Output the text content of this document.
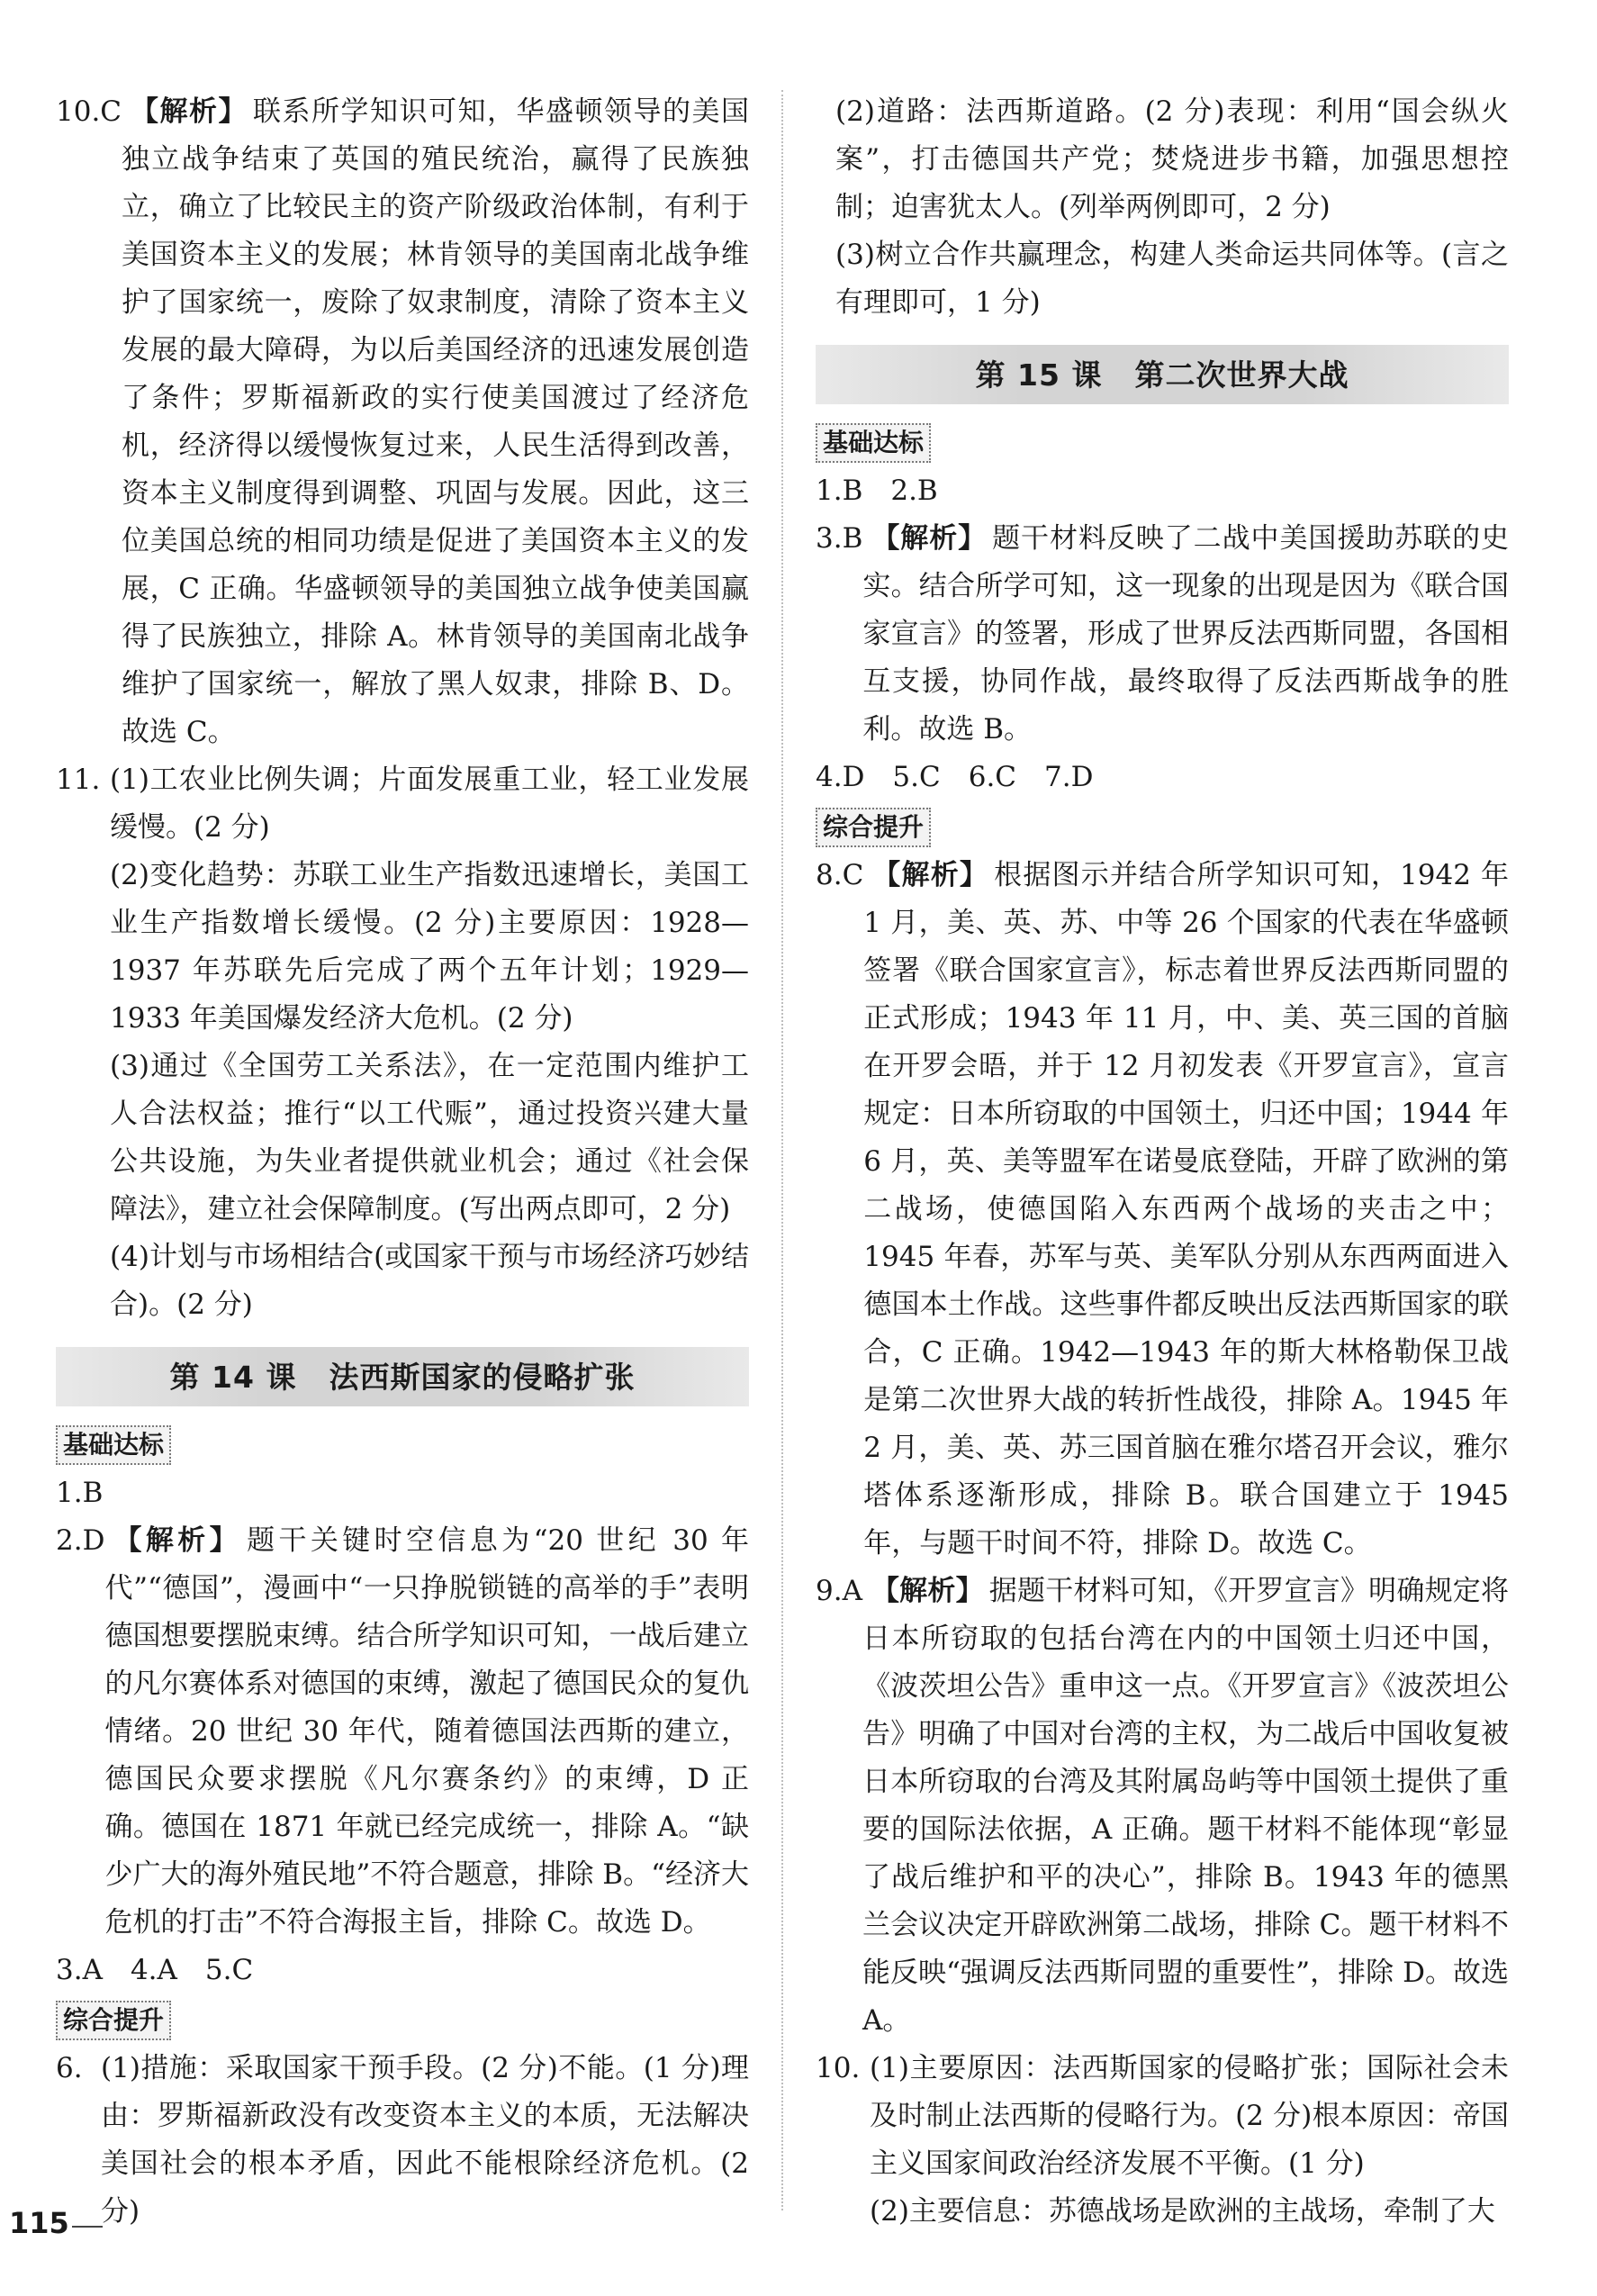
10.C 【解析】 联系所学知识可知，华盛顿领导的美国独立战争结束了英国的殖民统治，赢得了民族独立，确立了比较民主的资产阶级政治体制，有利于美国资本主义的发展；林肯领导的美国南北战争维护了国家统一，废除了奴隶制度，清除了资本主义发展的最大障碍，为以后美国经济的迅速发展创造了条件；罗斯福新政的实行使美国渡过了经济危机，经济得以缓慢恢复过来，人民生活得到改善，资本主义制度得到调整、巩固与发展。因此，这三位美国总统的相同功绩是促进了美国资本主义的发展，C 正确。华盛顿领导的美国独立战争使美国赢得了民族独立，排除 A。林肯领导的美国南北战争维护了国家统一，解放了黑人奴隶，排除 B、D。故选 C。
11. (1)工农业比例失调；片面发展重工业，轻工业发展缓慢。(2 分)
(2)变化趋势：苏联工业生产指数迅速增长，美国工业生产指数增长缓慢。(2 分)主要原因：1928—1937 年苏联先后完成了两个五年计划；1929—1933 年美国爆发经济大危机。(2 分)
(3)通过《全国劳工关系法》，在一定范围内维护工人合法权益；推行“以工代赈”，通过投资兴建大量公共设施，为失业者提供就业机会；通过《社会保障法》，建立社会保障制度。(写出两点即可，2 分)
(4)计划与市场相结合(或国家干预与市场经济巧妙结合)。(2 分)
第 14 课 法西斯国家的侵略扩张
基础达标
1.B
2.D 【解析】 题干关键时空信息为“20 世纪 30 年代”“德国”，漫画中“一只挣脱锁链的高举的手”表明德国想要摆脱束缚。结合所学知识可知，一战后建立的凡尔赛体系对德国的束缚，激起了德国民众的复仇情绪。20 世纪 30 年代，随着德国法西斯的建立，德国民众要求摆脱《凡尔赛条约》的束缚，D 正确。德国在 1871 年就已经完成统一，排除 A。“缺少广大的海外殖民地”不符合题意，排除 B。“经济大危机的打击”不符合海报主旨，排除 C。故选 D。
3.A　4.A　5.C
综合提升
6. (1)措施：采取国家干预手段。(2 分)不能。(1 分)理由：罗斯福新政没有改变资本主义的本质，无法解决美国社会的根本矛盾，因此不能根除经济危机。(2 分)
(2)道路：法西斯道路。(2 分)表现：利用“国会纵火案”，打击德国共产党；焚烧进步书籍，加强思想控制；迫害犹太人。(列举两例即可，2 分)
(3)树立合作共赢理念，构建人类命运共同体等。(言之有理即可，1 分)
第 15 课 第二次世界大战
基础达标
1.B　2.B
3.B 【解析】 题干材料反映了二战中美国援助苏联的史实。结合所学可知，这一现象的出现是因为《联合国家宣言》的签署，形成了世界反法西斯同盟，各国相互支援，协同作战，最终取得了反法西斯战争的胜利。故选 B。
4.D　5.C　6.C　7.D
综合提升
8.C 【解析】 根据图示并结合所学知识可知，1942 年 1 月，美、英、苏、中等 26 个国家的代表在华盛顿签署《联合国家宣言》，标志着世界反法西斯同盟的正式形成；1943 年 11 月，中、美、英三国的首脑在开罗会晤，并于 12 月初发表《开罗宣言》，宣言规定：日本所窃取的中国领土，归还中国；1944 年 6 月，英、美等盟军在诺曼底登陆，开辟了欧洲的第二战场，使德国陷入东西两个战场的夹击之中；1945 年春，苏军与英、美军队分别从东西两面进入德国本土作战。这些事件都反映出反法西斯国家的联合，C 正确。1942—1943 年的斯大林格勒保卫战是第二次世界大战的转折性战役，排除 A。1945 年 2 月，美、英、苏三国首脑在雅尔塔召开会议，雅尔塔体系逐渐形成，排除 B。联合国建立于 1945 年，与题干时间不符，排除 D。故选 C。
9.A 【解析】 据题干材料可知，《开罗宣言》明确规定将日本所窃取的包括台湾在内的中国领土归还中国，《波茨坦公告》重申这一点。《开罗宣言》《波茨坦公告》明确了中国对台湾的主权，为二战后中国收复被日本所窃取的台湾及其附属岛屿等中国领土提供了重要的国际法依据，A 正确。题干材料不能体现“彰显了战后维护和平的决心”，排除 B。1943 年的德黑兰会议决定开辟欧洲第二战场，排除 C。题干材料不能反映“强调反法西斯同盟的重要性”，排除 D。故选 A。
10. (1)主要原因：法西斯国家的侵略扩张；国际社会未及时制止法西斯的侵略行为。(2 分)根本原因：帝国主义国家间政治经济发展不平衡。(1 分)
(2)主要信息：苏德战场是欧洲的主战场，牵制了大
115
